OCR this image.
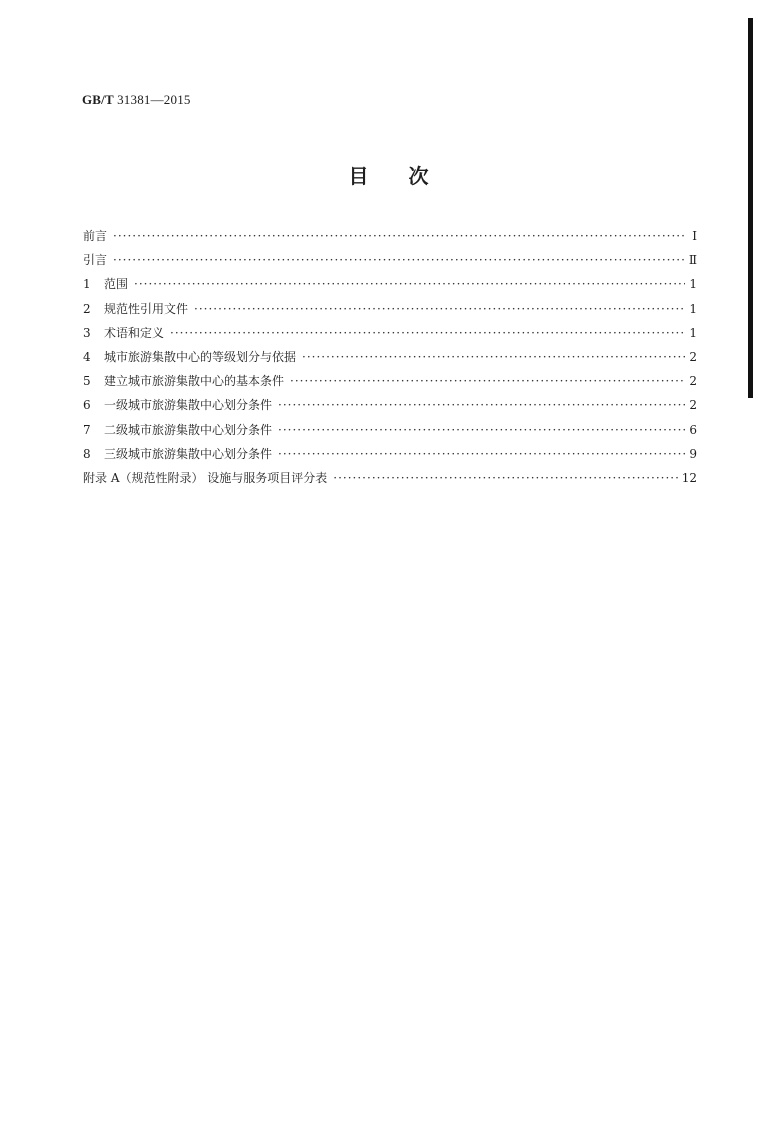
GB/T 31381—2015
目次
前言 ·····	Ⅰ
引言 ·····	Ⅱ
1	范围 ·····	1
2	规范性引用文件 ·····	1
3	术语和定义 ·····	1
4	城市旅游集散中心的等级划分与依据 ·····	2
5	建立城市旅游集散中心的基本条件 ·····	2
6	一级城市旅游集散中心划分条件 ·····	2
7	二级城市旅游集散中心划分条件 ·····	6
8	三级城市旅游集散中心划分条件 ·····	9
附录 A（规范性附录） 设施与服务项目评分表 ·····	12
